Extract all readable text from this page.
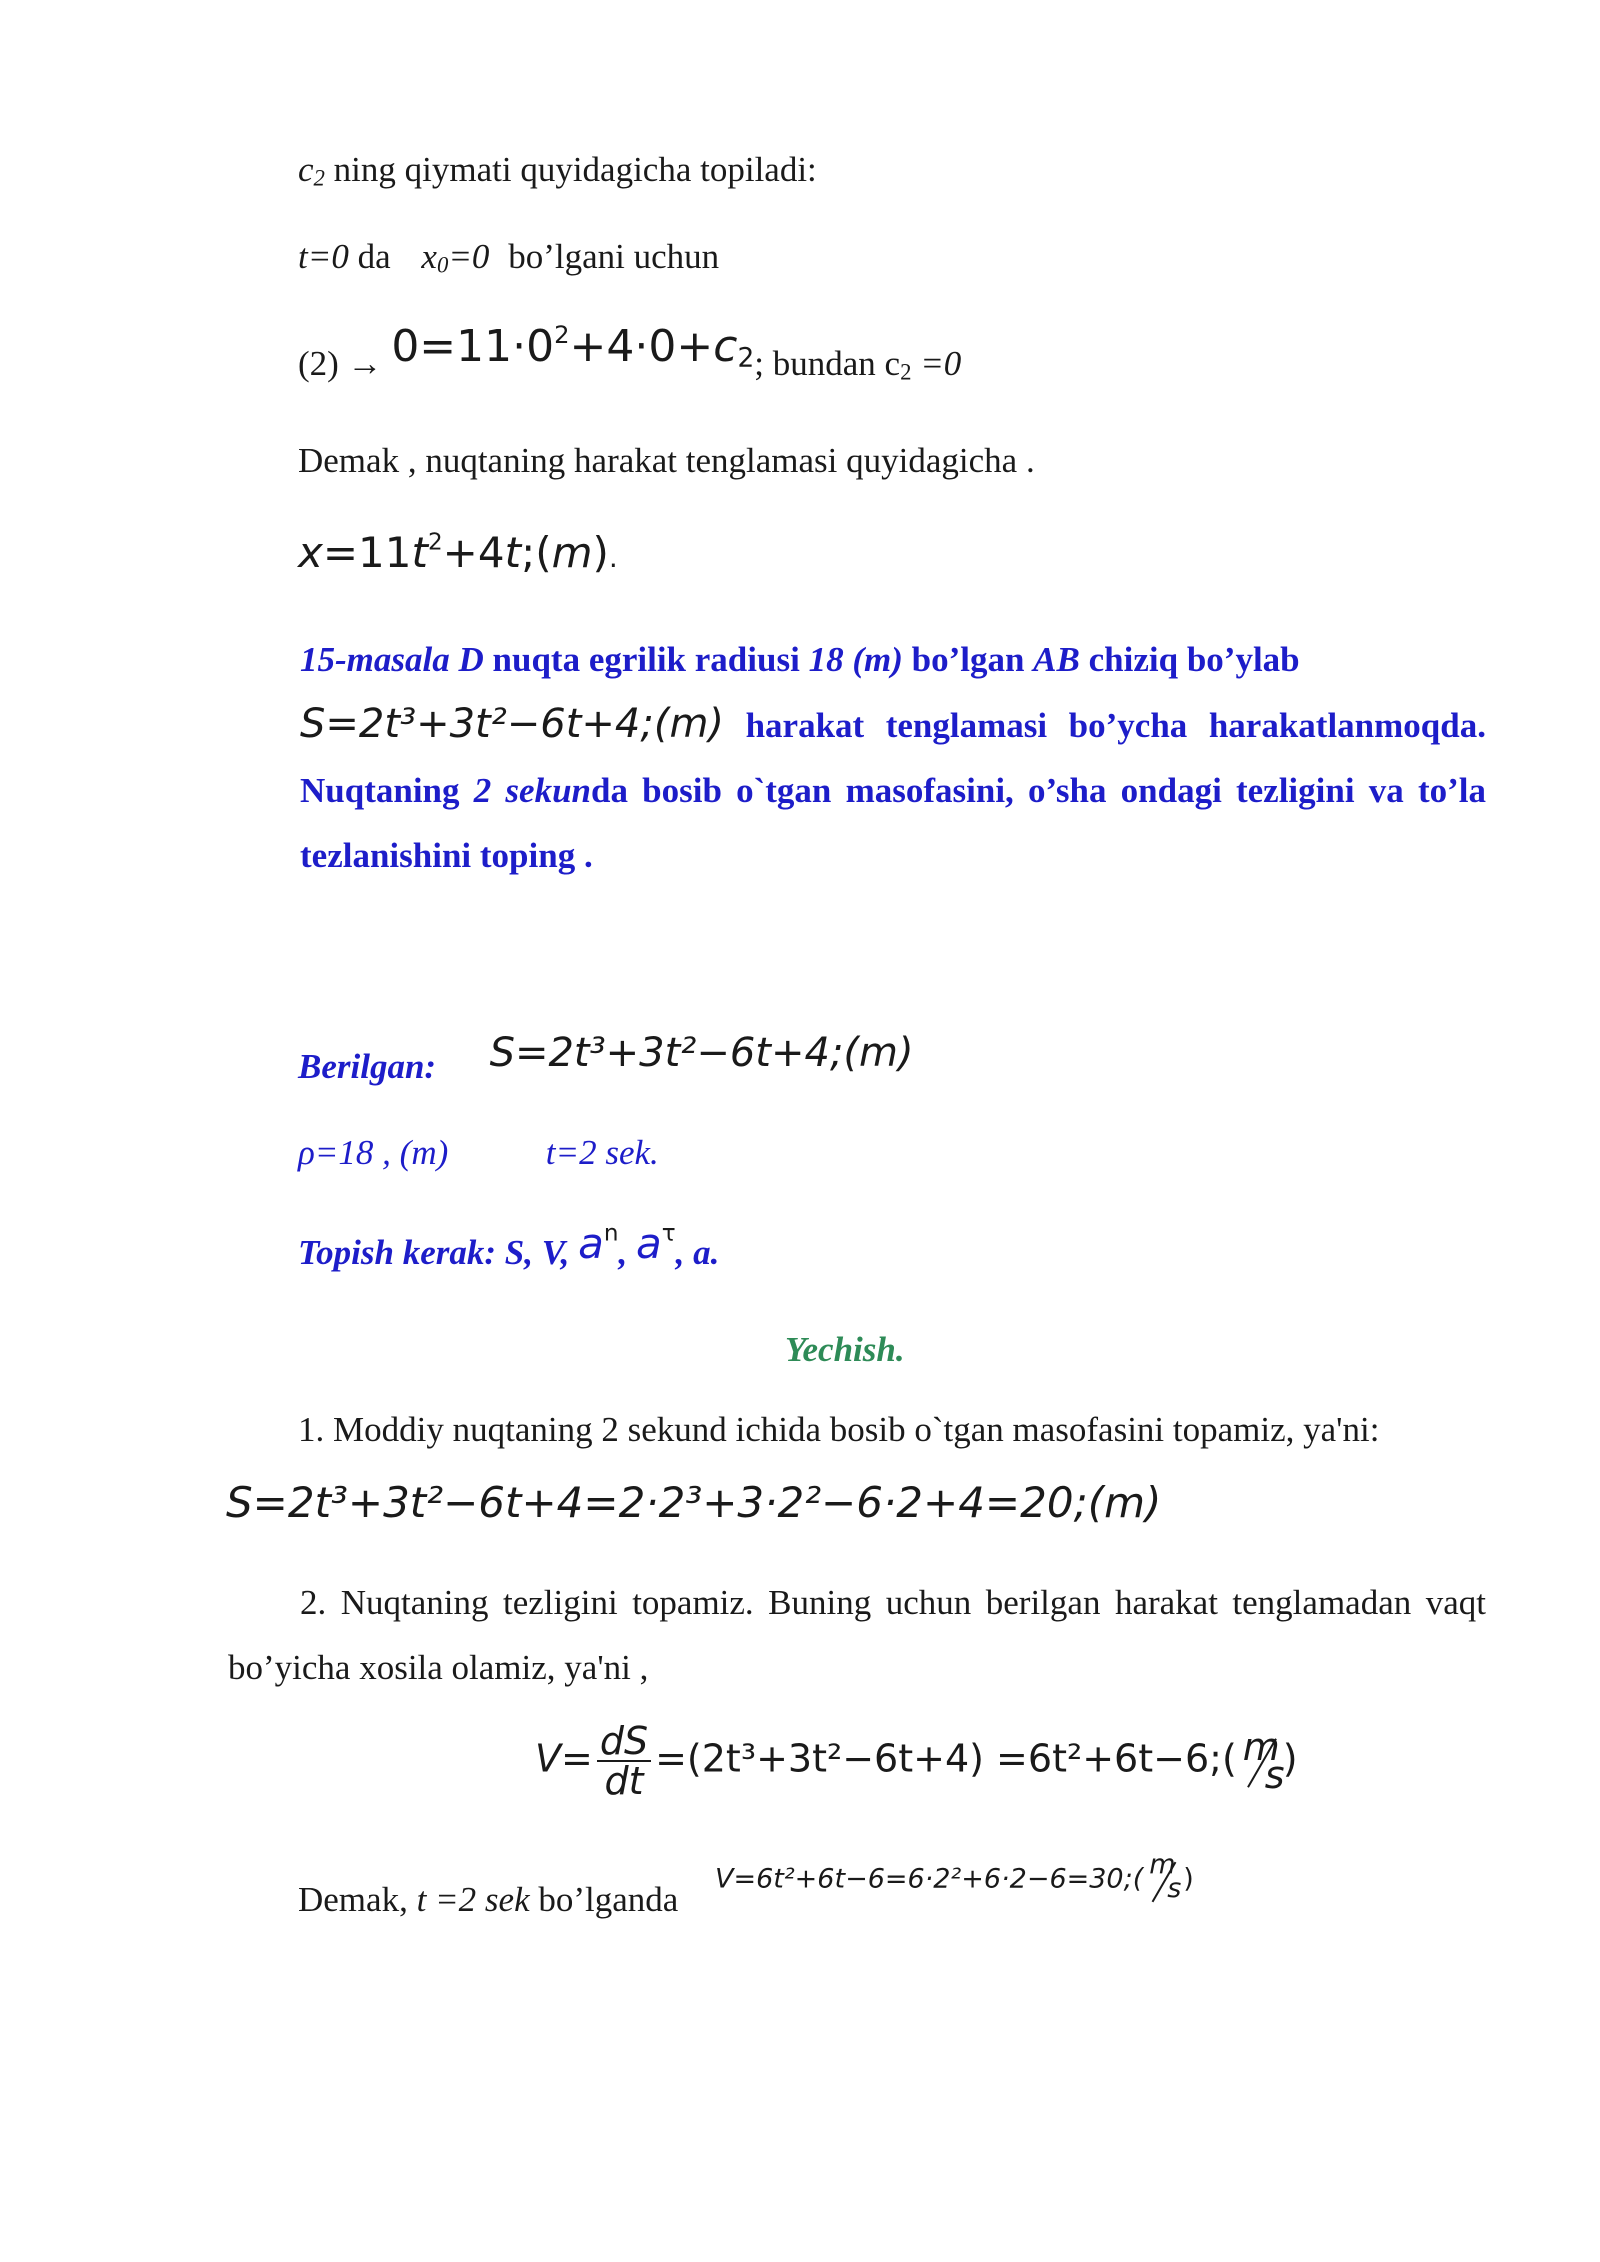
$c_2$ ning qiymati quyidagicha topiladi:
t=0 da $x_0=0$ bo’lgani uchun
$(2) \to 0=11\cdot 0^2+4\cdot 0+c_2$; bundan $c_2 =0$
Demak , nuqtaning harakat tenglamasi quyidagicha .
$x=11t^2+4t;(m)$.
15-masala D nuqta egrilik radiusi 18 (m) bo’lgan AB chiziq bo’ylab
S=2t³+3t²−6t+4;(m) harakat tenglamasi bo’ycha harakatlanmoqda. Nuqtaning 2 sekunda bosib o`tgan masofasini, o’sha ondagi tezligini va to’la tezlanishini toping .
Berilgan: S=2t³+3t²−6t+4;(m)
ρ=18 , (m)	t=2 sek.
Topish kerak: S, V, $a^n$, $a^\tau$, a.
Yechish.
1. Moddiy nuqtaning 2 sekund ichida bosib o`tgan masofasini topamiz, ya'ni:
S=2t³+3t²−6t+4=2·2³+3·2²−6·2+4=20;(m)
2. Nuqtaning tezligini topamiz. Buning uchun berilgan harakat tenglamadan vaqt bo’yicha xosila olamiz, ya'ni ,
$V= \frac{dS}{dt} =(2t^3+3t^2-6t+4)$ =6t²+6t−6;( m
s
)
Demak, t =2 sek bo’lganda
V=6t²+6t−6=6·2²+6·2−6=30;( m
s )
